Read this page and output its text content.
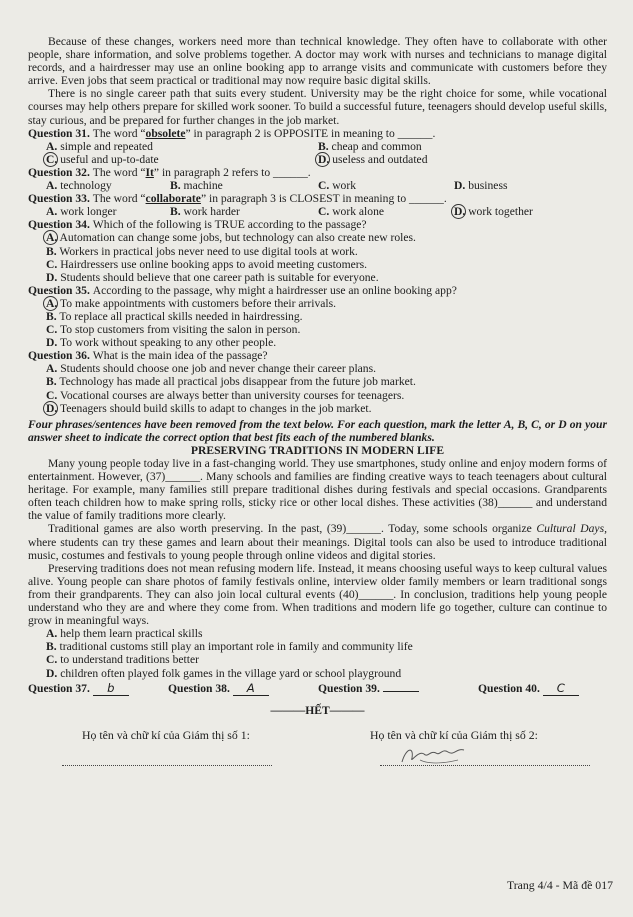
Because of these changes, workers need more than technical knowledge. They often have to collaborate with other people, share information, and solve problems together. A doctor may work with nurses and technicians to manage digital records, and a hairdresser may use an online booking app to arrange visits and communicate with customers before they arrive. Even jobs that seem practical or traditional may now require basic digital skills.

There is no single career path that suits every student. University may be the right choice for some, while vocational courses may help others prepare for skilled work sooner. To build a successful future, teenagers should develop useful skills, stay curious, and be prepared for further changes in the job market.

Question 31. The word “obsolete” in paragraph 2 is OPPOSITE in meaning to ______.

A. simple and repeated	B. cheap and common
C. useful and up-to-date	D. useless and outdated

Question 32. The word “It” in paragraph 2 refers to ______.

A. technology	B. machine	C. work	D. business

Question 33. The word “collaborate” in paragraph 3 is CLOSEST in meaning to ______.

A. work longer	B. work harder	C. work alone	D. work together

Question 34. Which of the following is TRUE according to the passage?

A. Automation can change some jobs, but technology can also create new roles.

B. Workers in practical jobs never need to use digital tools at work.

C. Hairdressers use online booking apps to avoid meeting customers.

D. Students should believe that one career path is suitable for everyone.

Question 35. According to the passage, why might a hairdresser use an online booking app?

A. To make appointments with customers before their arrivals.

B. To replace all practical skills needed in hairdressing.

C. To stop customers from visiting the salon in person.

D. To work without speaking to any other people.

Question 36. What is the main idea of the passage?

A. Students should choose one job and never change their career plans.

B. Technology has made all practical jobs disappear from the future job market.

C. Vocational courses are always better than university courses for teenagers.

D. Teenagers should build skills to adapt to changes in the job market.

Four phrases/sentences have been removed from the text below. For each question, mark the letter A, B, C, or D on your answer sheet to indicate the correct option that best fits each of the numbered blanks.

PRESERVING TRADITIONS IN MODERN LIFE

Many young people today live in a fast-changing world. They use smartphones, study online and enjoy modern forms of entertainment. However, (37)______. Many schools and families are finding creative ways to teach teenagers about cultural heritage. For example, many families still prepare traditional dishes during festivals and special occasions. Grandparents often teach children how to make spring rolls, sticky rice or other local dishes. These activities (38)______ and understand the value of family traditions more clearly.

Traditional games are also worth preserving. In the past, (39)______. Today, some schools organize Cultural Days, where students can try these games and learn about their meanings. Digital tools can also be used to introduce traditional music, costumes and festivals to young people through online videos and digital stories.

Preserving traditions does not mean refusing modern life. Instead, it means choosing useful ways to keep cultural values alive. Young people can share photos of family festivals online, interview older family members or learn traditional songs from their grandparents. They can also join local cultural events (40)______. In conclusion, traditions help young people understand who they are and where they come from. When traditions and modern life go together, culture can continue to grow in meaningful ways.

A. help them learn practical skills

B. traditional customs still play an important role in family and community life

C. to understand traditions better

D. children often played folk games in the village yard or school playground

Question 37. b	Question 38. A	Question 39.	Question 40. C

———HẾT———

Họ tên và chữ kí của Giám thị số 1:	Họ tên và chữ kí của Giám thị số 2:
Trang 4/4 - Mã đề 017
